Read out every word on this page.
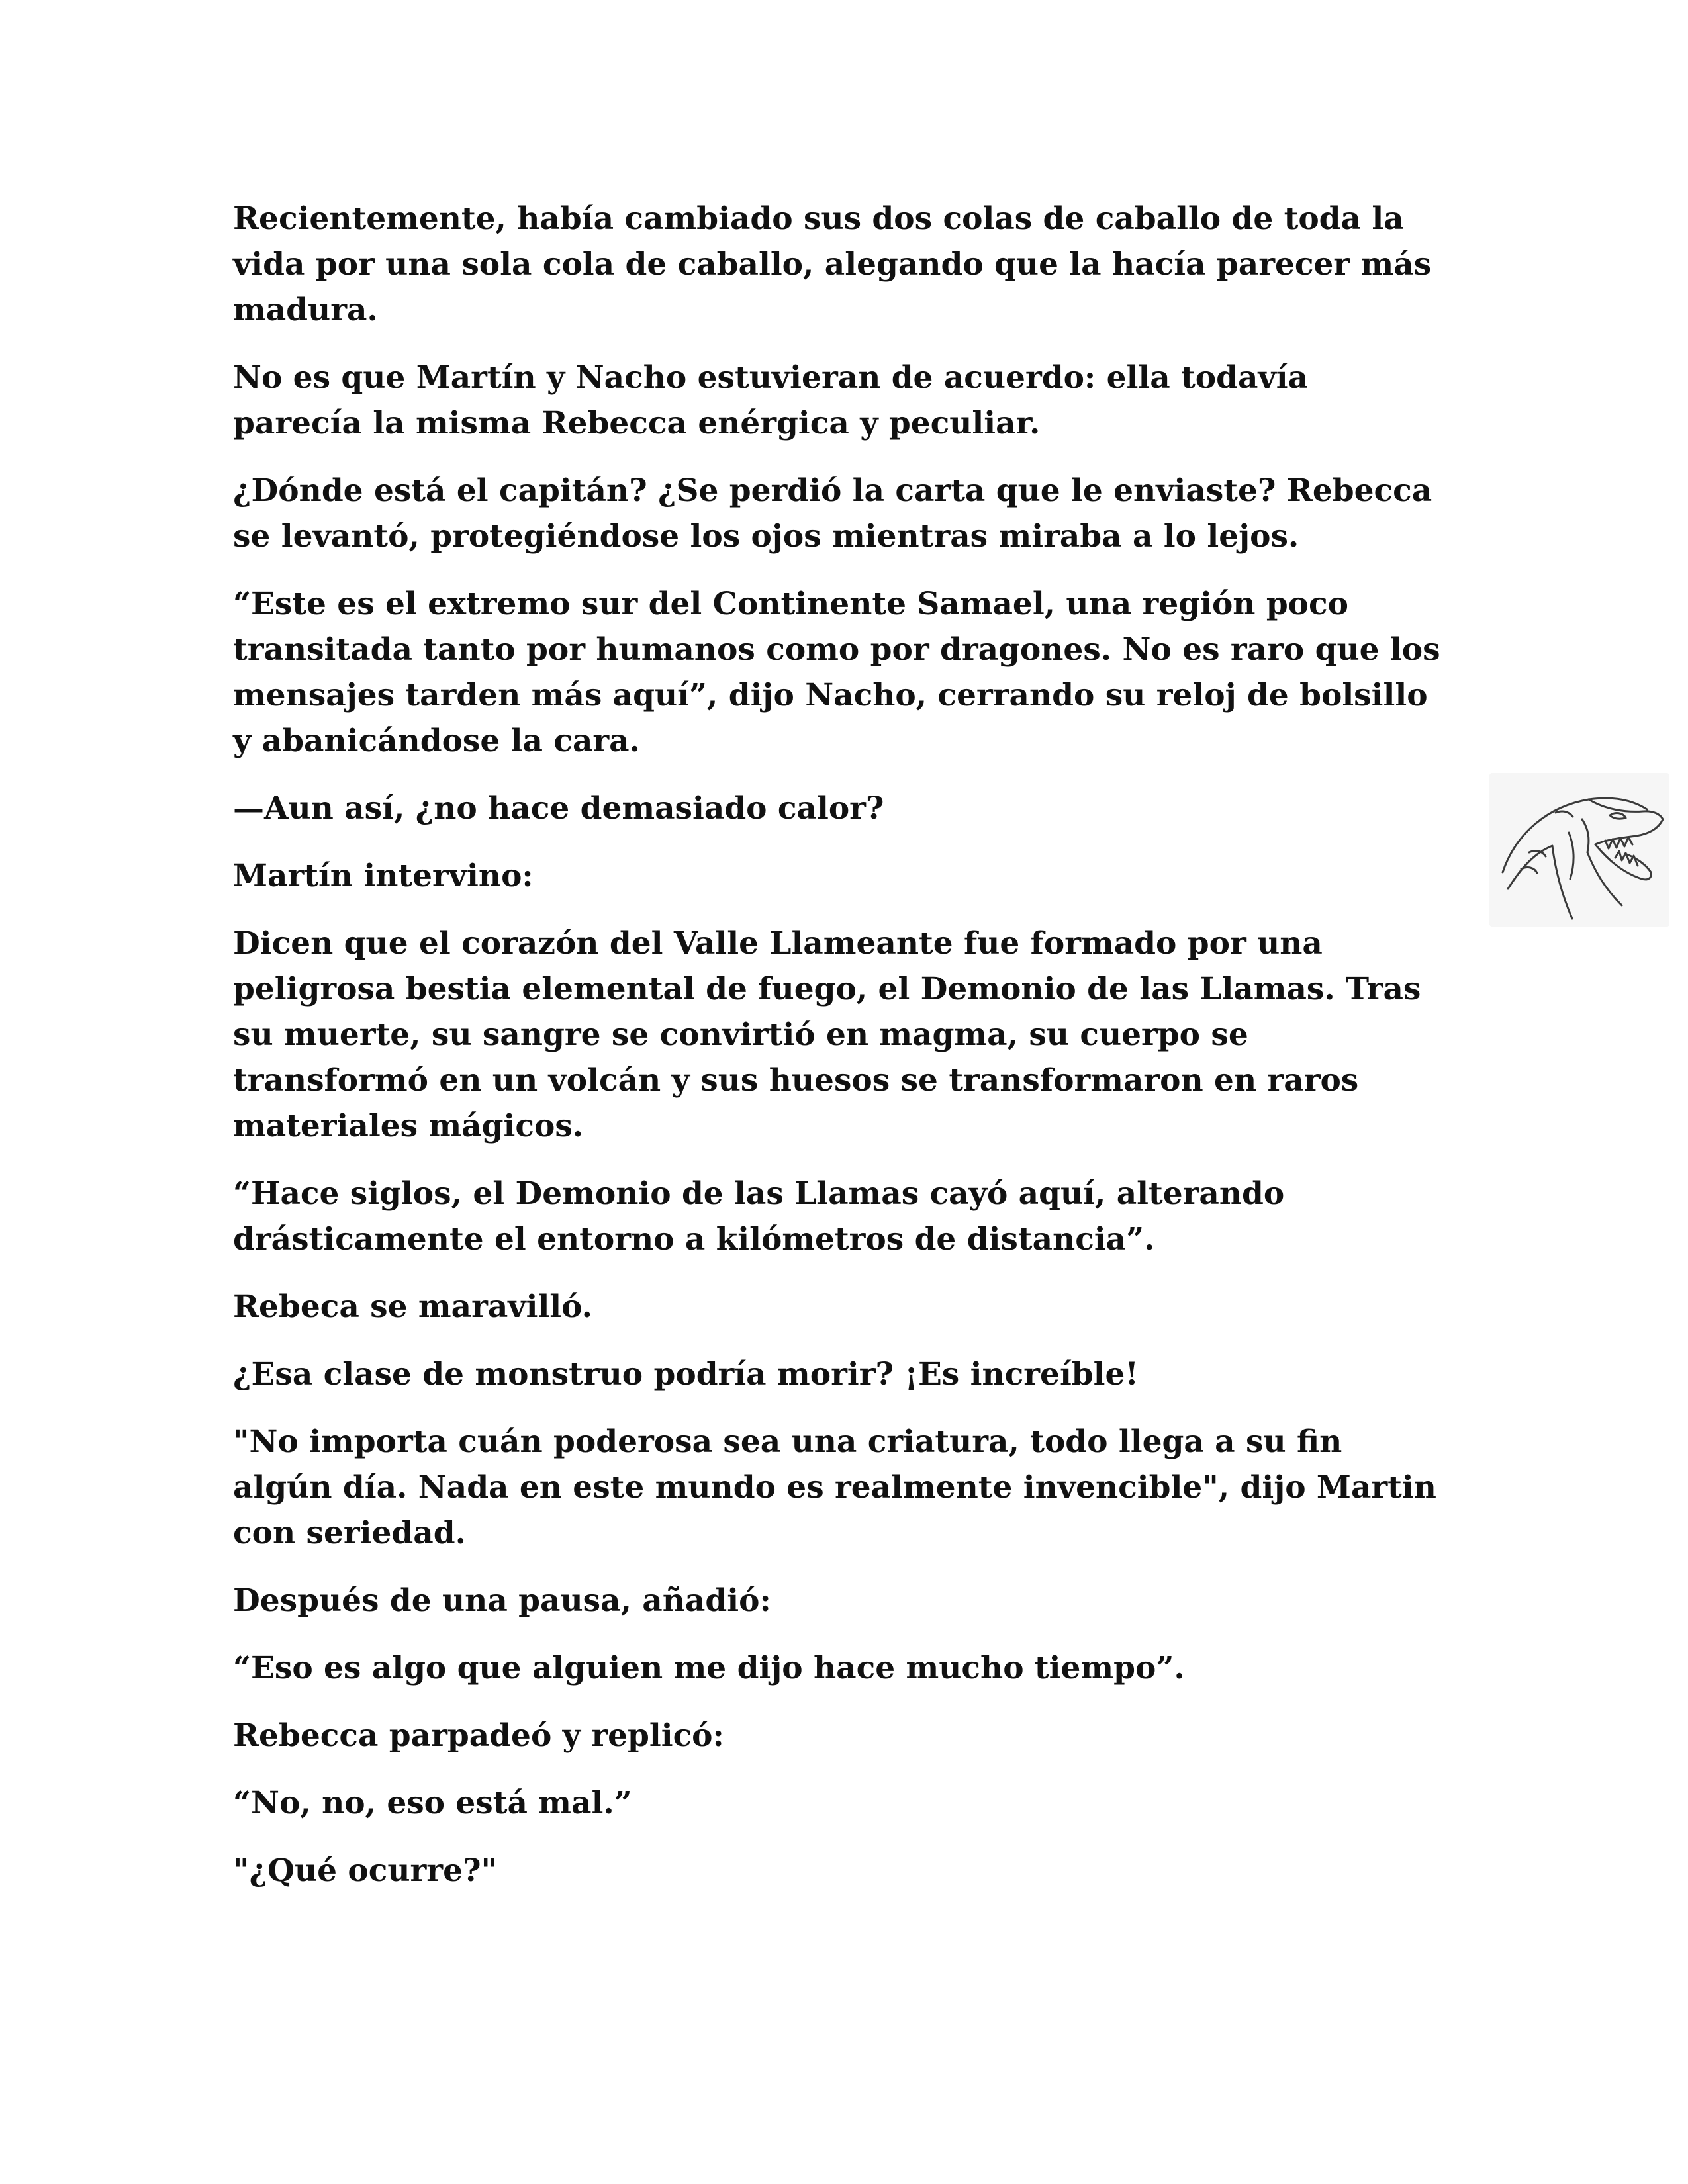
Recientemente, había cambiado sus dos colas de caballo de toda la vida por una sola cola de caballo, alegando que la hacía parecer más madura.

No es que Martín y Nacho estuvieran de acuerdo: ella todavía parecía la misma Rebecca enérgica y peculiar.

¿Dónde está el capitán? ¿Se perdió la carta que le enviaste? Rebecca se levantó, protegiéndose los ojos mientras miraba a lo lejos.

“Este es el extremo sur del Continente Samael, una región poco transitada tanto por humanos como por dragones. No es raro que los mensajes tarden más aquí”, dijo Nacho, cerrando su reloj de bolsillo y abanicándose la cara.

—Aun así, ¿no hace demasiado calor?

Martín intervino:

Dicen que el corazón del Valle Llameante fue formado por una peligrosa bestia elemental de fuego, el Demonio de las Llamas. Tras su muerte, su sangre se convirtió en magma, su cuerpo se transformó en un volcán y sus huesos se transformaron en raros materiales mágicos.

“Hace siglos, el Demonio de las Llamas cayó aquí, alterando drásticamente el entorno a kilómetros de distancia”.

Rebeca se maravilló.

¿Esa clase de monstruo podría morir? ¡Es increíble!

"No importa cuán poderosa sea una criatura, todo llega a su fin algún día. Nada en este mundo es realmente invencible", dijo Martin con seriedad.

Después de una pausa, añadió:

“Eso es algo que alguien me dijo hace mucho tiempo”.

Rebecca parpadeó y replicó:

“No, no, eso está mal.”

"¿Qué ocurre?"
